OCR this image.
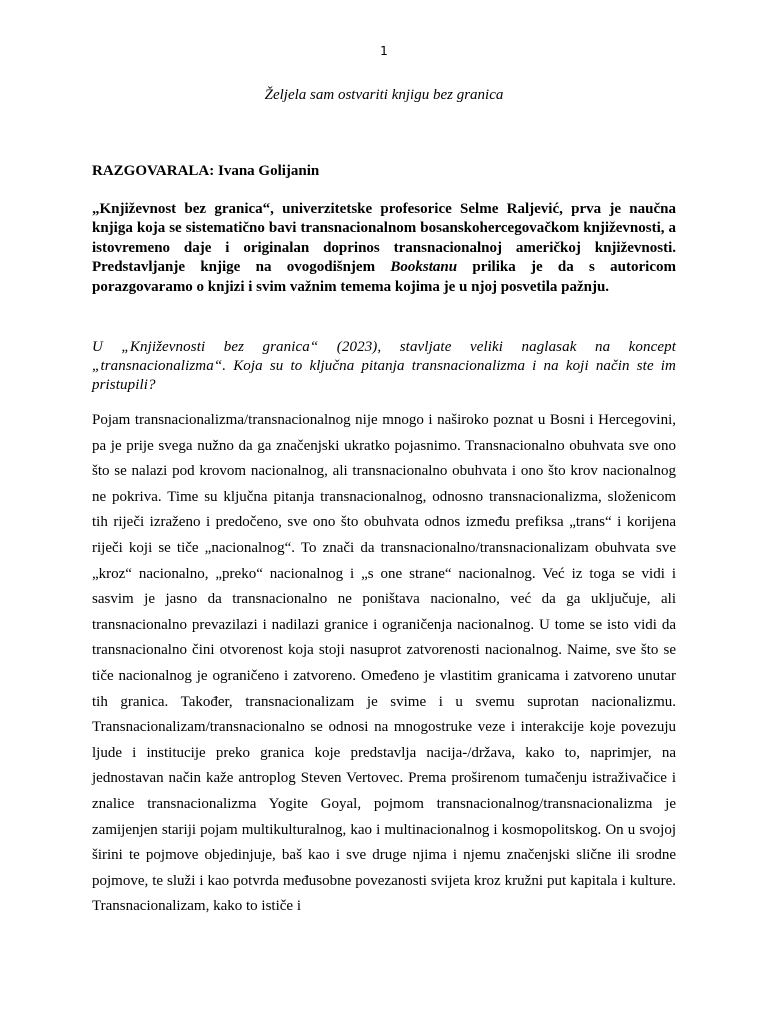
1
Željela sam ostvariti knjigu bez granica

RAZGOVARALA: Ivana Golijanin

„Književnost bez granica“, univerzitetske profesorice Selme Raljević, prva je naučna knjiga koja se sistematično bavi transnacionalnom bosanskohercegovačkom književnosti, a istovremeno daje i originalan doprinos transnacionalnoj američkoj književnosti. Predstavljanje knjige na ovogodišnjem Bookstanu prilika je da s autoricom porazgovaramo o knjizi i svim važnim temema kojima je u njoj posvetila pažnju.

U „Književnosti bez granica“ (2023), stavljate veliki naglasak na koncept „transnacionalizma“. Koja su to ključna pitanja transnacionalizma i na koji način ste im pristupili?

Pojam transnacionalizma/transnacionalnog nije mnogo i naširoko poznat u Bosni i Hercegovini, pa je prije svega nužno da ga značenjski ukratko pojasnimo. Transnacionalno obuhvata sve ono što se nalazi pod krovom nacionalnog, ali transnacionalno obuhvata i ono što krov nacionalnog ne pokriva. Time su ključna pitanja transnacionalnog, odnosno transnacionalizma, složenicom tih riječi izraženo i predočeno, sve ono što obuhvata odnos između prefiksa „trans“ i korijena riječi koji se tiče „nacionalnog“. To znači da transnacionalno/transnacionalizam obuhvata sve „kroz“ nacionalno, „preko“ nacionalnog i „s one strane“ nacionalnog. Već iz toga se vidi i sasvim je jasno da transnacionalno ne poništava nacionalno, već da ga uključuje, ali transnacionalno prevazilazi i nadilazi granice i ograničenja nacionalnog. U tome se isto vidi da transnacionalno čini otvorenost koja stoji nasuprot zatvorenosti nacionalnog. Naime, sve što se tiče nacionalnog je ograničeno i zatvoreno. Omeđeno je vlastitim granicama i zatvoreno unutar tih granica. Također, transnacionalizam je svime i u svemu suprotan nacionalizmu. Transnacionalizam/transnacionalno se odnosi na mnogostruke veze i interakcije koje povezuju ljude i institucije preko granica koje predstavlja nacija-/država, kako to, naprimjer, na jednostavan način kaže antroplog Steven Vertovec. Prema proširenom tumačenju istraživačice i znalice transnacionalizma Yogite Goyal, pojmom transnacionalnog/transnacionalizma je zamijenjen stariji pojam multikulturalnog, kao i multinacionalnog i kosmopolitskog. On u svojoj širini te pojmove objedinjuje, baš kao i sve druge njima i njemu značenjski slične ili srodne pojmove, te služi i kao potvrda međusobne povezanosti svijeta kroz kružni put kapitala i kulture. Transnacionalizam, kako to ističe i
